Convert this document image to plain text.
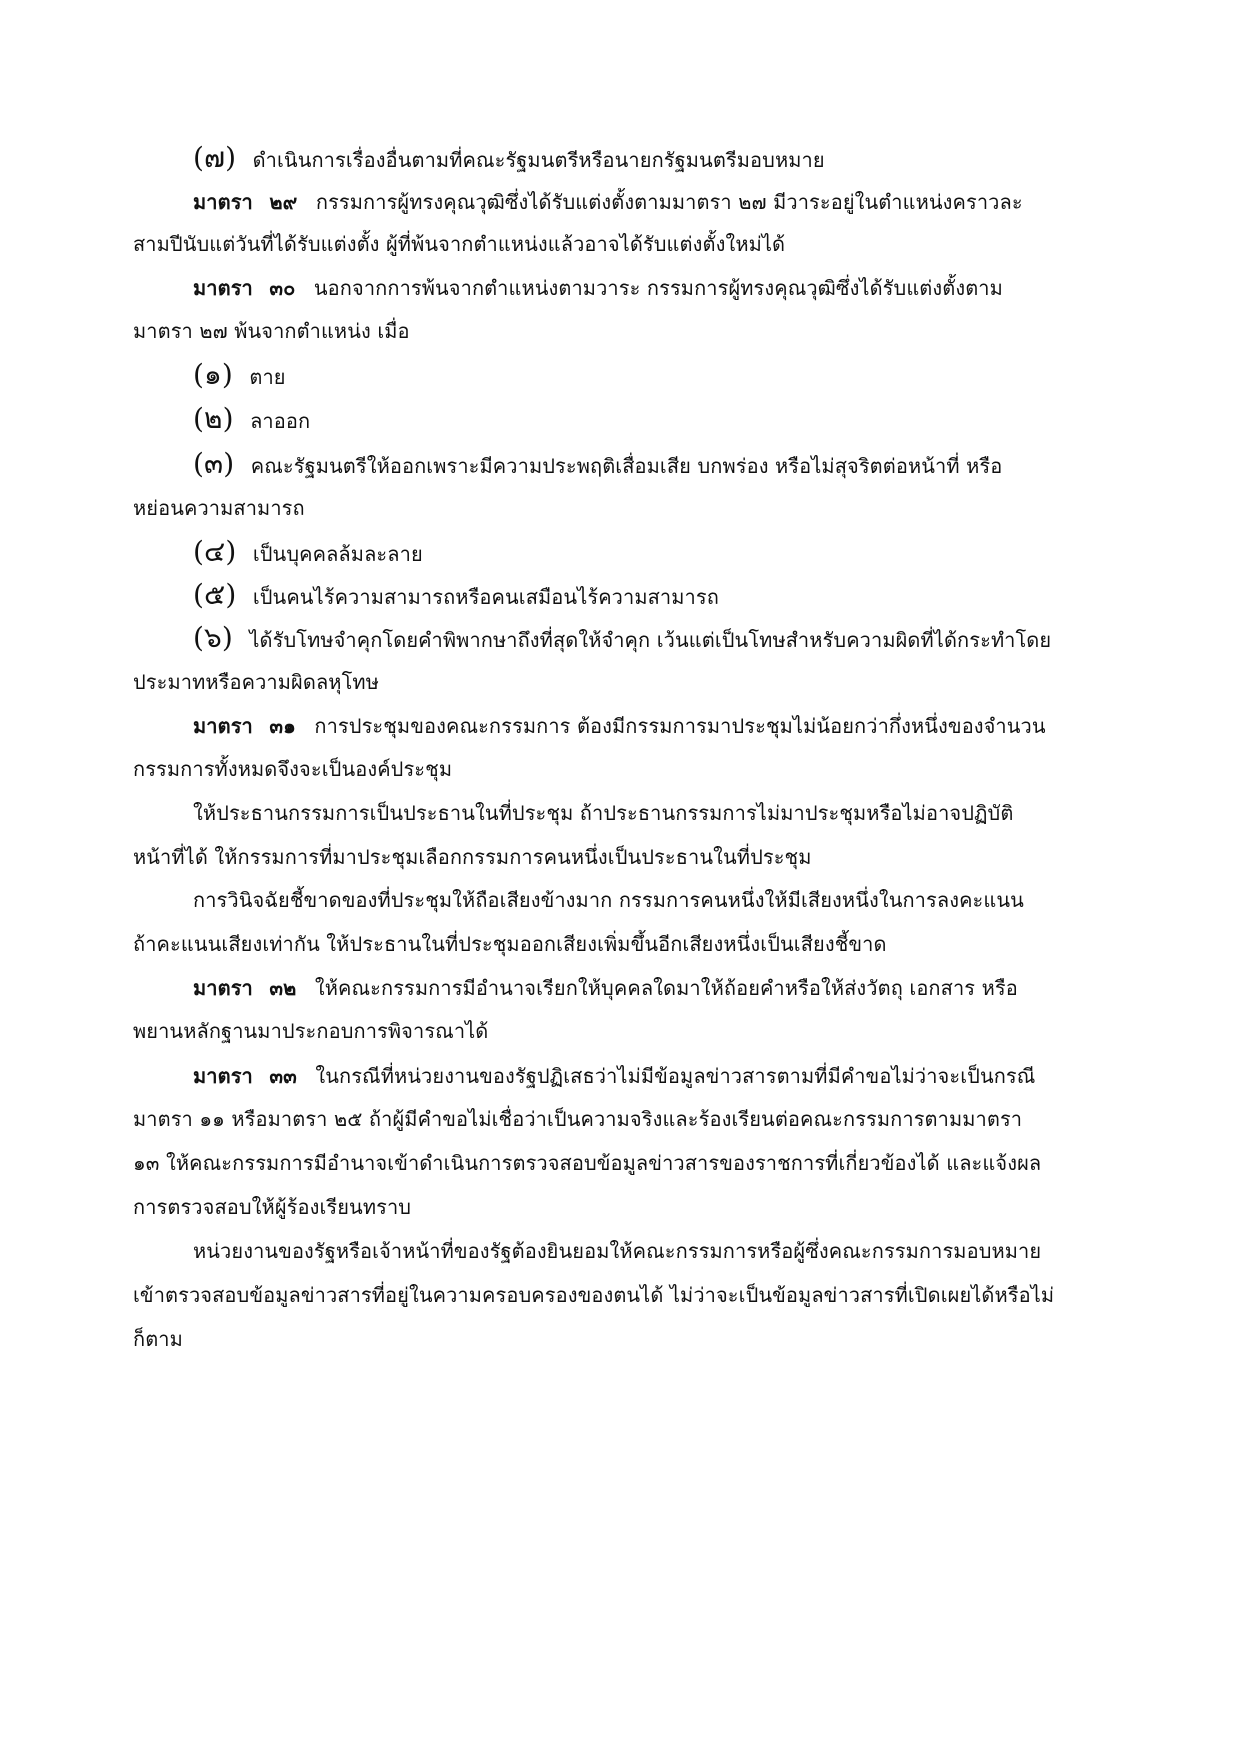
(๗) ดำเนินการเรื่องอื่นตามที่คณะรัฐมนตรีหรือนายกรัฐมนตรีมอบหมาย
มาตรา ๒๙ กรรมการผู้ทรงคุณวุฒิซึ่งได้รับแต่งตั้งตามมาตรา ๒๗ มีวาระอยู่ในตำแหน่งคราวละ
สามปีนับแต่วันที่ได้รับแต่งตั้ง ผู้ที่พ้นจากตำแหน่งแล้วอาจได้รับแต่งตั้งใหม่ได้
มาตรา ๓๐ นอกจากการพ้นจากตำแหน่งตามวาระ กรรมการผู้ทรงคุณวุฒิซึ่งได้รับแต่งตั้งตาม
มาตรา ๒๗ พ้นจากตำแหน่ง เมื่อ
(๑) ตาย
(๒) ลาออก
(๓) คณะรัฐมนตรีให้ออกเพราะมีความประพฤติเสื่อมเสีย บกพร่อง หรือไม่สุจริตต่อหน้าที่ หรือ
หย่อนความสามารถ
(๔) เป็นบุคคลล้มละลาย
(๕) เป็นคนไร้ความสามารถหรือคนเสมือนไร้ความสามารถ
(๖) ได้รับโทษจำคุกโดยคำพิพากษาถึงที่สุดให้จำคุก เว้นแต่เป็นโทษสำหรับความผิดที่ได้กระทำโดย
ประมาทหรือความผิดลหุโทษ
มาตรา ๓๑ การประชุมของคณะกรรมการ ต้องมีกรรมการมาประชุมไม่น้อยกว่ากึ่งหนึ่งของจำนวน
กรรมการทั้งหมดจึงจะเป็นองค์ประชุม
ให้ประธานกรรมการเป็นประธานในที่ประชุม ถ้าประธานกรรมการไม่มาประชุมหรือไม่อาจปฏิบัติ
หน้าที่ได้ ให้กรรมการที่มาประชุมเลือกกรรมการคนหนึ่งเป็นประธานในที่ประชุม
การวินิจฉัยชี้ขาดของที่ประชุมให้ถือเสียงข้างมาก กรรมการคนหนึ่งให้มีเสียงหนึ่งในการลงคะแนน
ถ้าคะแนนเสียงเท่ากัน ให้ประธานในที่ประชุมออกเสียงเพิ่มขึ้นอีกเสียงหนึ่งเป็นเสียงชี้ขาด
มาตรา ๓๒ ให้คณะกรรมการมีอำนาจเรียกให้บุคคลใดมาให้ถ้อยคำหรือให้ส่งวัตถุ เอกสาร หรือ
พยานหลักฐานมาประกอบการพิจารณาได้
มาตรา ๓๓ ในกรณีที่หน่วยงานของรัฐปฏิเสธว่าไม่มีข้อมูลข่าวสารตามที่มีคำขอไม่ว่าจะเป็นกรณี
มาตรา ๑๑ หรือมาตรา ๒๕ ถ้าผู้มีคำขอไม่เชื่อว่าเป็นความจริงและร้องเรียนต่อคณะกรรมการตามมาตรา
๑๓ ให้คณะกรรมการมีอำนาจเข้าดำเนินการตรวจสอบข้อมูลข่าวสารของราชการที่เกี่ยวข้องได้ และแจ้งผล
การตรวจสอบให้ผู้ร้องเรียนทราบ
หน่วยงานของรัฐหรือเจ้าหน้าที่ของรัฐต้องยินยอมให้คณะกรรมการหรือผู้ซึ่งคณะกรรมการมอบหมาย
เข้าตรวจสอบข้อมูลข่าวสารที่อยู่ในความครอบครองของตนได้ ไม่ว่าจะเป็นข้อมูลข่าวสารที่เปิดเผยได้หรือไม่
ก็ตาม
